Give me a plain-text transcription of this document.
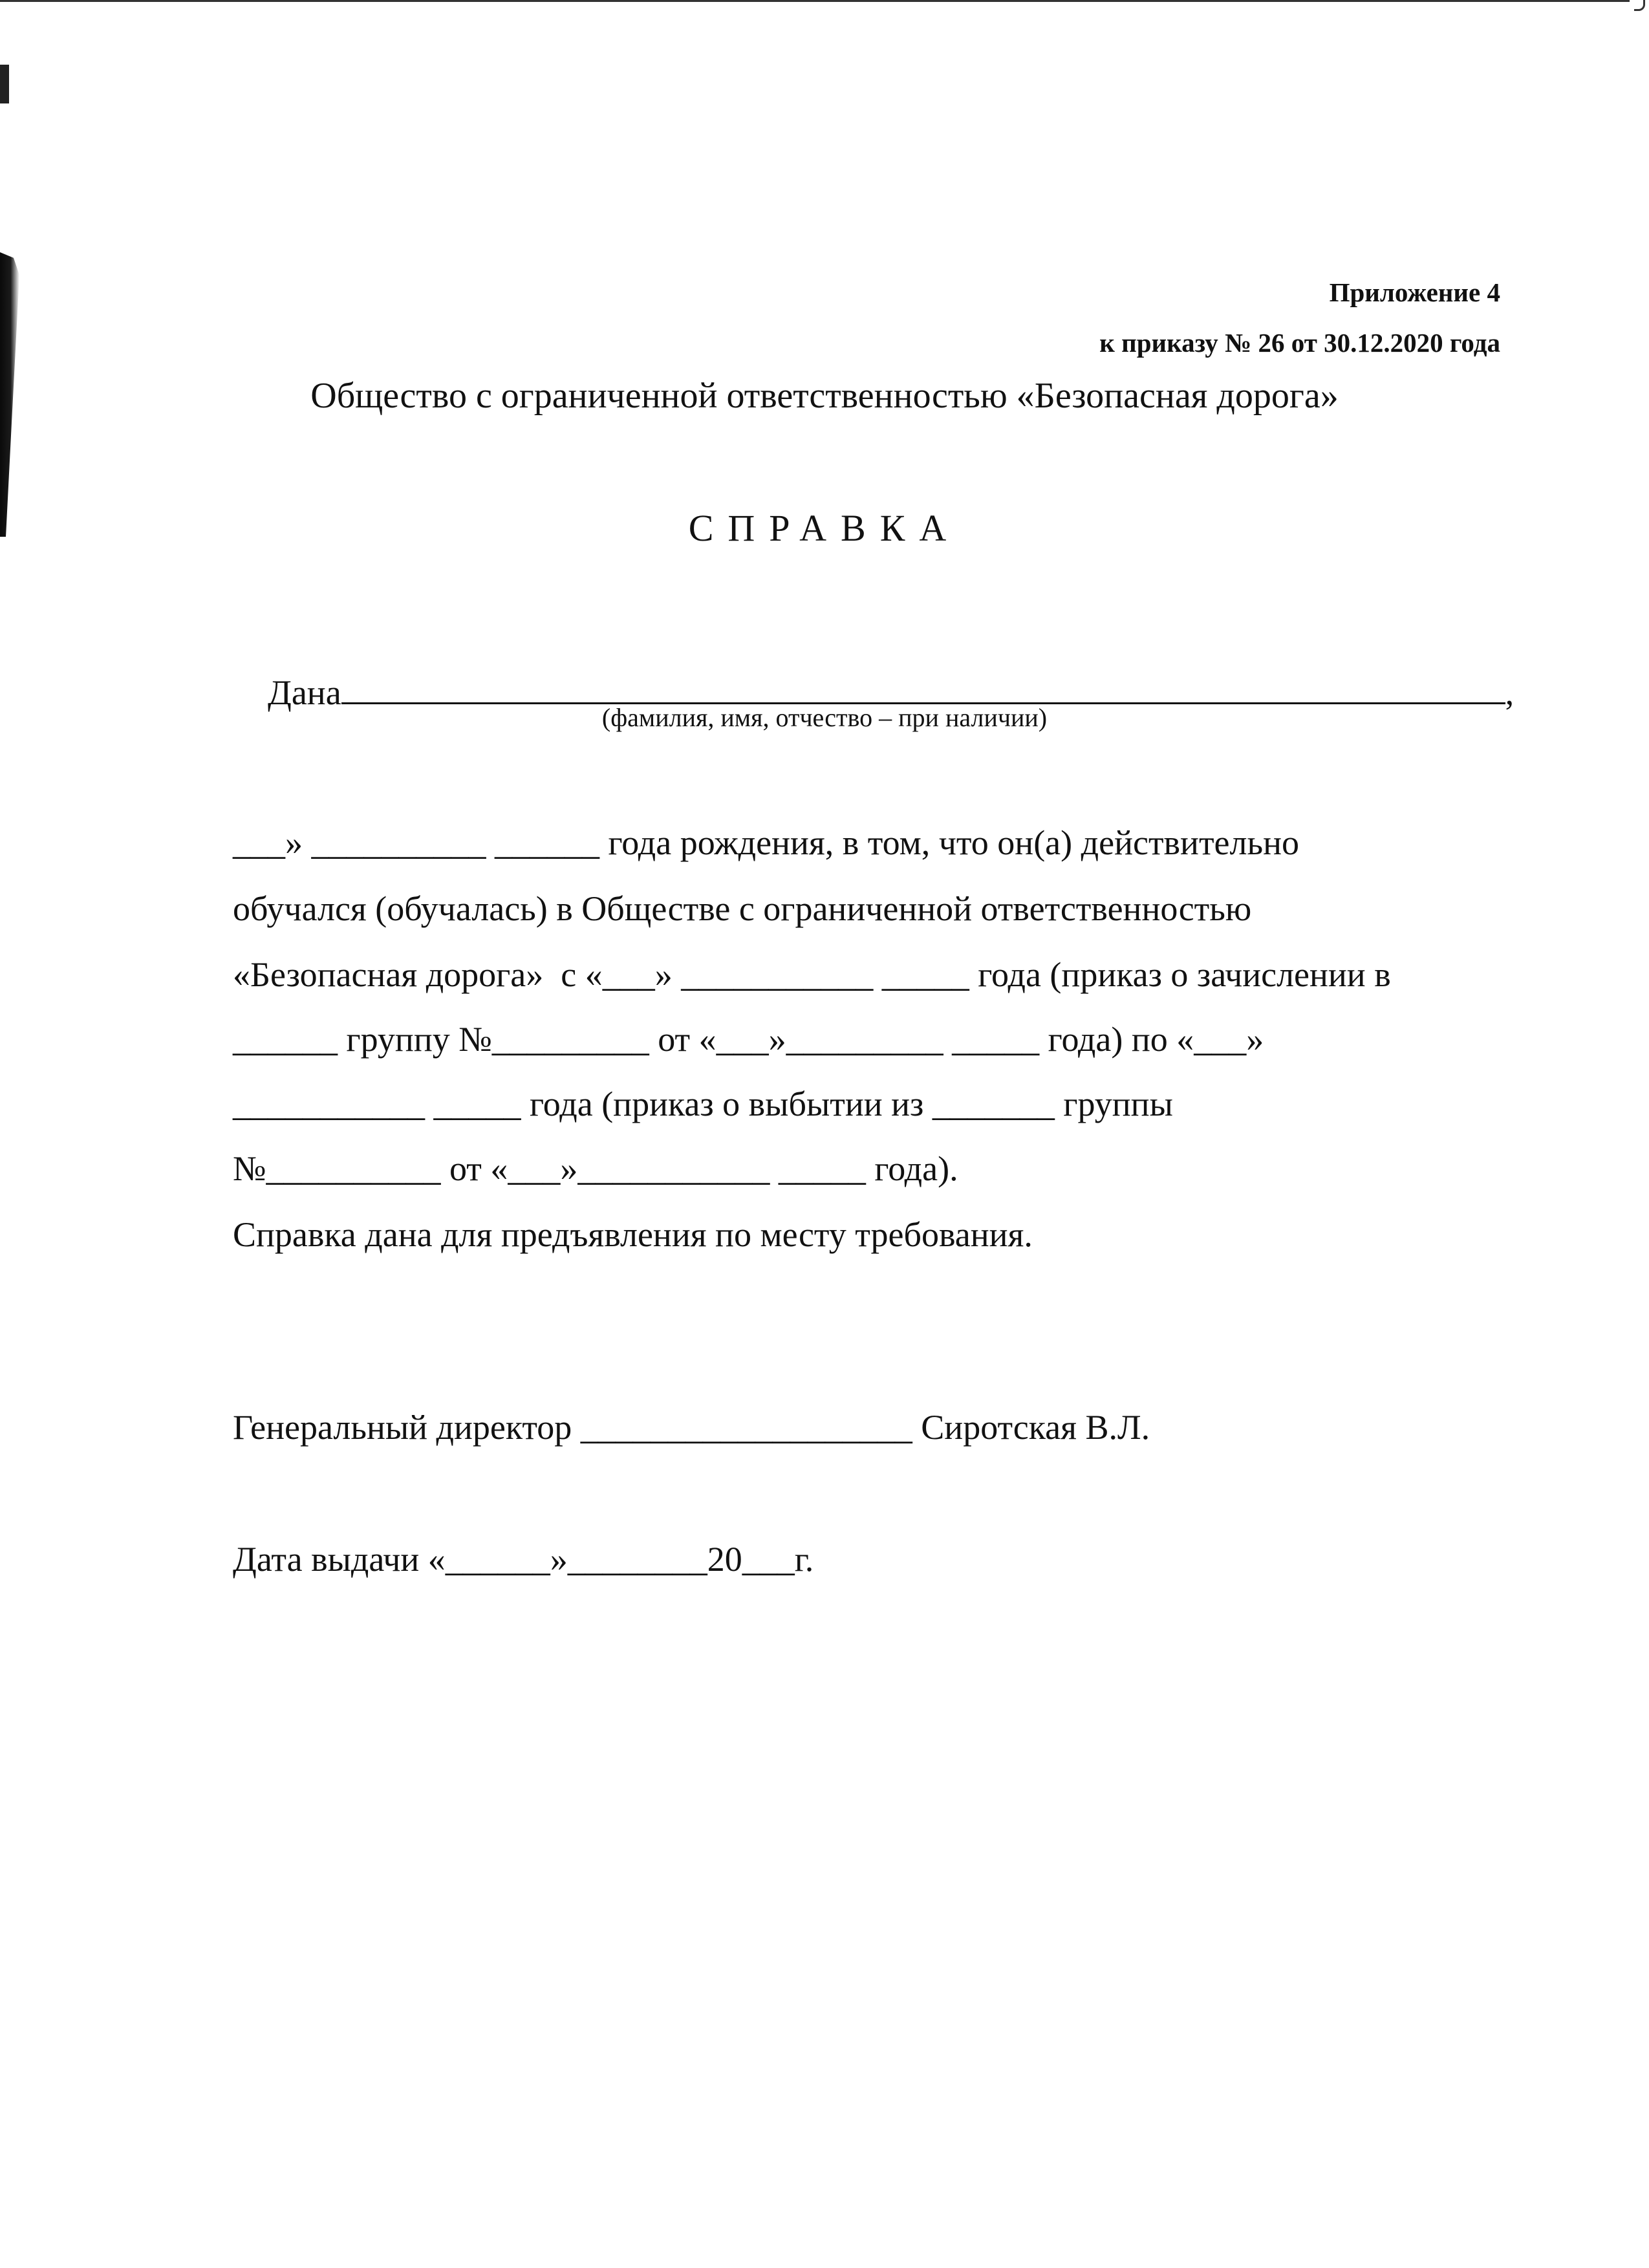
Приложение 4
к приказу № 26 от 30.12.2020 года
Общество с ограниченной ответственностью «Безопасная дорога»
СПРАВКА

Дана	,

(фамилия, имя, отчество – при наличии)
___» __________ ______ года рождения, в том, что он(а) действительно
обучался (обучалась) в Обществе с ограниченной ответственностью
«Безопасная дорога»  с «___» ___________ _____ года (приказ о зачислении в
______ группу №_________ от «___»_________ _____ года) по «___»
___________ _____ года (приказ о выбытии из _______ группы
№__________ от «___»___________ _____ года).
Справка дана для предъявления по месту требования.
Генеральный директор ___________________ Сиротская В.Л.
Дата выдачи «______»________20___г.
